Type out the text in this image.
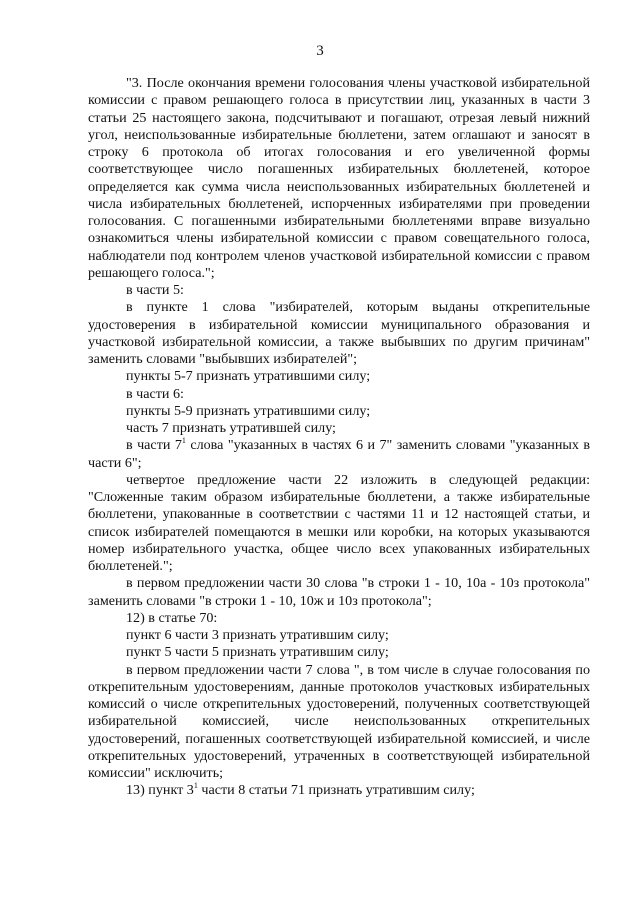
3

"3. После окончания времени голосования члены участковой избирательной комиссии с правом решающего голоса в присутствии лиц, указанных в части 3 статьи 25 настоящего закона, подсчитывают и погашают, отрезая левый нижний угол, неиспользованные избирательные бюллетени, затем оглашают и заносят в строку 6 протокола об итогах голосования и его увеличенной формы соответствующее число погашенных избирательных бюллетеней, которое определяется как сумма числа неиспользованных избирательных бюллетеней и числа избирательных бюллетеней, испорченных избирателями при проведении голосования. С погашенными избирательными бюллетенями вправе визуально ознакомиться члены избирательной комиссии с правом совещательного голоса, наблюдатели под контролем членов участковой избирательной комиссии с правом решающего голоса.";

в части 5:

в пункте 1 слова "избирателей, которым выданы открепительные удостоверения в избирательной комиссии муниципального образования и участковой избирательной комиссии, а также выбывших по другим причинам" заменить словами "выбывших избирателей";

пункты 5-7 признать утратившими силу;

в части 6:

пункты 5-9 признать утратившими силу;

часть 7 признать утратившей силу;

в части $7^1$ слова "указанных в частях 6 и 7" заменить словами "указанных в части 6";

четвертое предложение части 22 изложить в следующей редакции: "Сложенные таким образом избирательные бюллетени, а также избирательные бюллетени, упакованные в соответствии с частями 11 и 12 настоящей статьи, и список избирателей помещаются в мешки или коробки, на которых указываются номер избирательного участка, общее число всех упакованных избирательных бюллетеней.";

в первом предложении части 30 слова "в строки 1 - 10, 10а - 10з протокола" заменить словами "в строки 1 - 10, 10ж и 10з протокола";

12) в статье 70:

пункт 6 части 3 признать утратившим силу;

пункт 5 части 5 признать утратившим силу;

в первом предложении части 7 слова ", в том числе в случае голосования по открепительным удостоверениям, данные протоколов участковых избирательных комиссий о числе открепительных удостоверений, полученных соответствующей избирательной комиссией, числе неиспользованных открепительных удостоверений, погашенных соответствующей избирательной комиссией, и числе открепительных удостоверений, утраченных в соответствующей избирательной комиссии" исключить;

13) пункт $3^1$ части 8 статьи 71 признать утратившим силу;
